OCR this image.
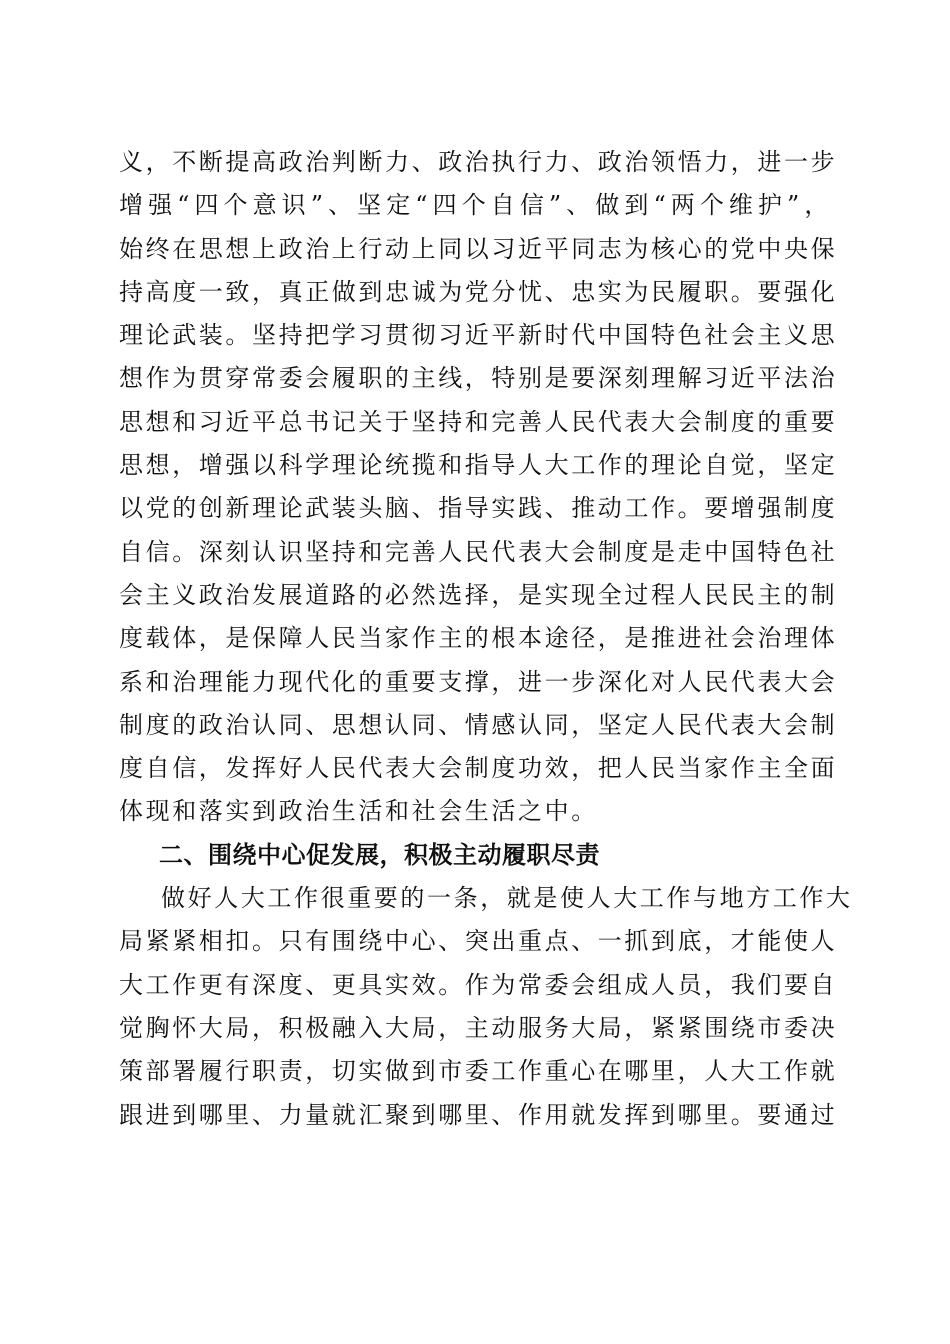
义，不断提高政治判断力、政治执行力、政治领悟力，进一步
增强“四个意识”、坚定“四个自信”、做到“两个维护”，
始终在思想上政治上行动上同以习近平同志为核心的党中央保
持高度一致，真正做到忠诚为党分忧、忠实为民履职。要强化
理论武装。坚持把学习贯彻习近平新时代中国特色社会主义思
想作为贯穿常委会履职的主线，特别是要深刻理解习近平法治
思想和习近平总书记关于坚持和完善人民代表大会制度的重要
思想，增强以科学理论统揽和指导人大工作的理论自觉，坚定
以党的创新理论武装头脑、指导实践、推动工作。要增强制度
自信。深刻认识坚持和完善人民代表大会制度是走中国特色社
会主义政治发展道路的必然选择，是实现全过程人民民主的制
度载体，是保障人民当家作主的根本途径，是推进社会治理体
系和治理能力现代化的重要支撑，进一步深化对人民代表大会
制度的政治认同、思想认同、情感认同，坚定人民代表大会制
度自信，发挥好人民代表大会制度功效，把人民当家作主全面
体现和落实到政治生活和社会生活之中。
二、围绕中心促发展，积极主动履职尽责
做好人大工作很重要的一条，就是使人大工作与地方工作大
局紧紧相扣。只有围绕中心、突出重点、一抓到底，才能使人
大工作更有深度、更具实效。作为常委会组成人员，我们要自
觉胸怀大局，积极融入大局，主动服务大局，紧紧围绕市委决
策部署履行职责，切实做到市委工作重心在哪里，人大工作就
跟进到哪里、力量就汇聚到哪里、作用就发挥到哪里。要通过
